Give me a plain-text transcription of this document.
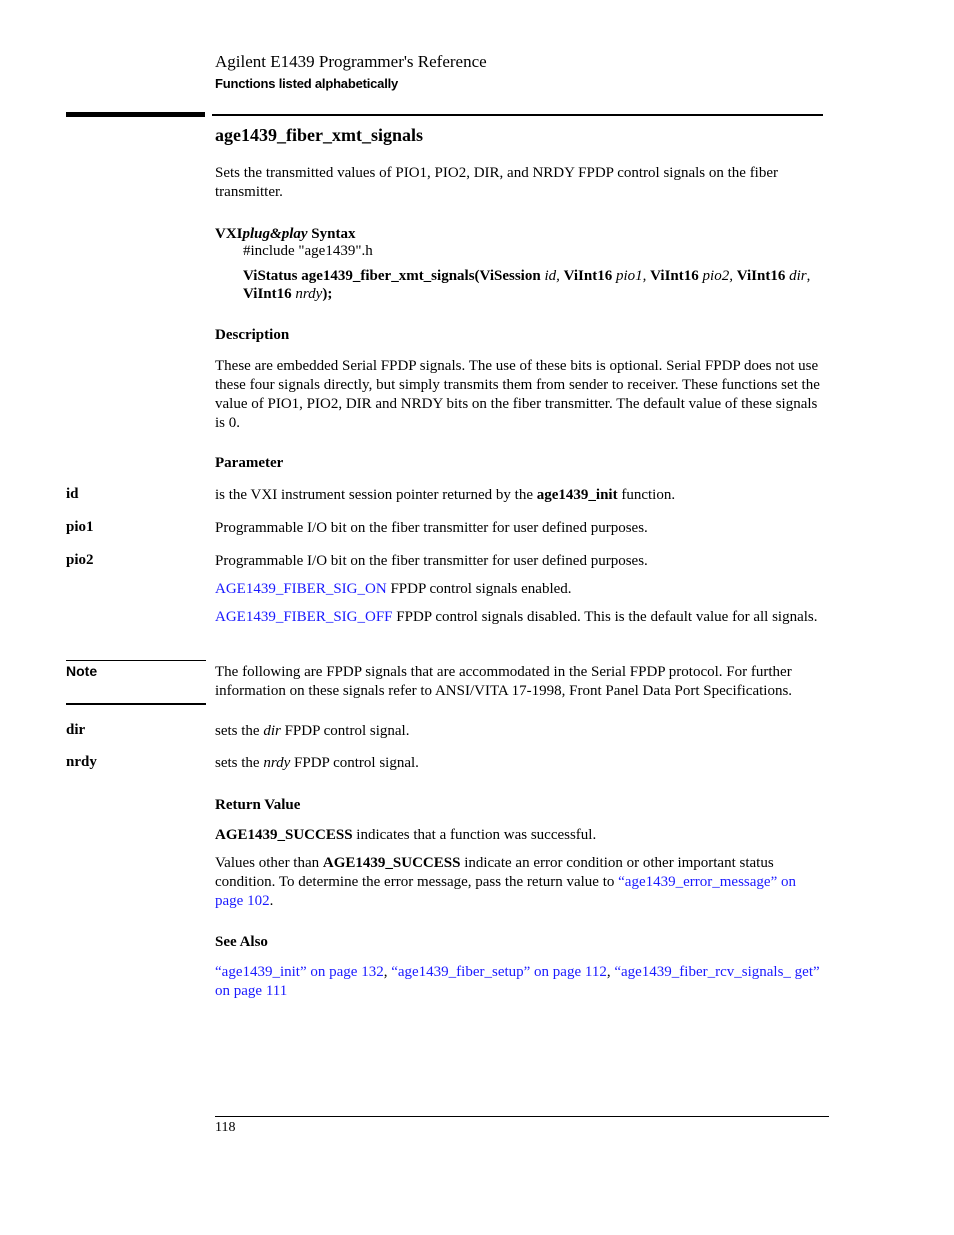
Agilent E1439 Programmer's Reference
Functions listed alphabetically
age1439_fiber_xmt_signals
Sets the transmitted values of PIO1, PIO2, DIR, and NRDY FPDP control signals on the fiber transmitter.
VXIplug&play Syntax
#include "age1439".h
ViStatus age1439_fiber_xmt_signals(ViSession id, ViInt16 pio1, ViInt16 pio2, ViInt16 dir, ViInt16 nrdy);
Description
These are embedded Serial FPDP signals. The use of these bits is optional. Serial FPDP does not use these four signals directly, but simply transmits them from sender to receiver. These functions set the value of PIO1, PIO2, DIR and NRDY bits on the fiber transmitter. The default value of these signals is 0.
Parameter
id	is the VXI instrument session pointer returned by the age1439_init function.
pio1	Programmable I/O bit on the fiber transmitter for user defined purposes.
pio2	Programmable I/O bit on the fiber transmitter for user defined purposes.
AGE1439_FIBER_SIG_ON FPDP control signals enabled.
AGE1439_FIBER_SIG_OFF FPDP control signals disabled. This is the default value for all signals.
Note	The following are FPDP signals that are accommodated in the Serial FPDP protocol. For further information on these signals refer to ANSI/VITA 17-1998, Front Panel Data Port Specifications.
dir	sets the dir FPDP control signal.
nrdy	sets the nrdy FPDP control signal.
Return Value
AGE1439_SUCCESS indicates that a function was successful.
Values other than AGE1439_SUCCESS indicate an error condition or other important status condition. To determine the error message, pass the return value to “age1439_error_message” on page 102.
See Also
“age1439_init” on page 132, “age1439_fiber_setup” on page 112, “age1439_fiber_rcv_signals_ get” on page 111
118
